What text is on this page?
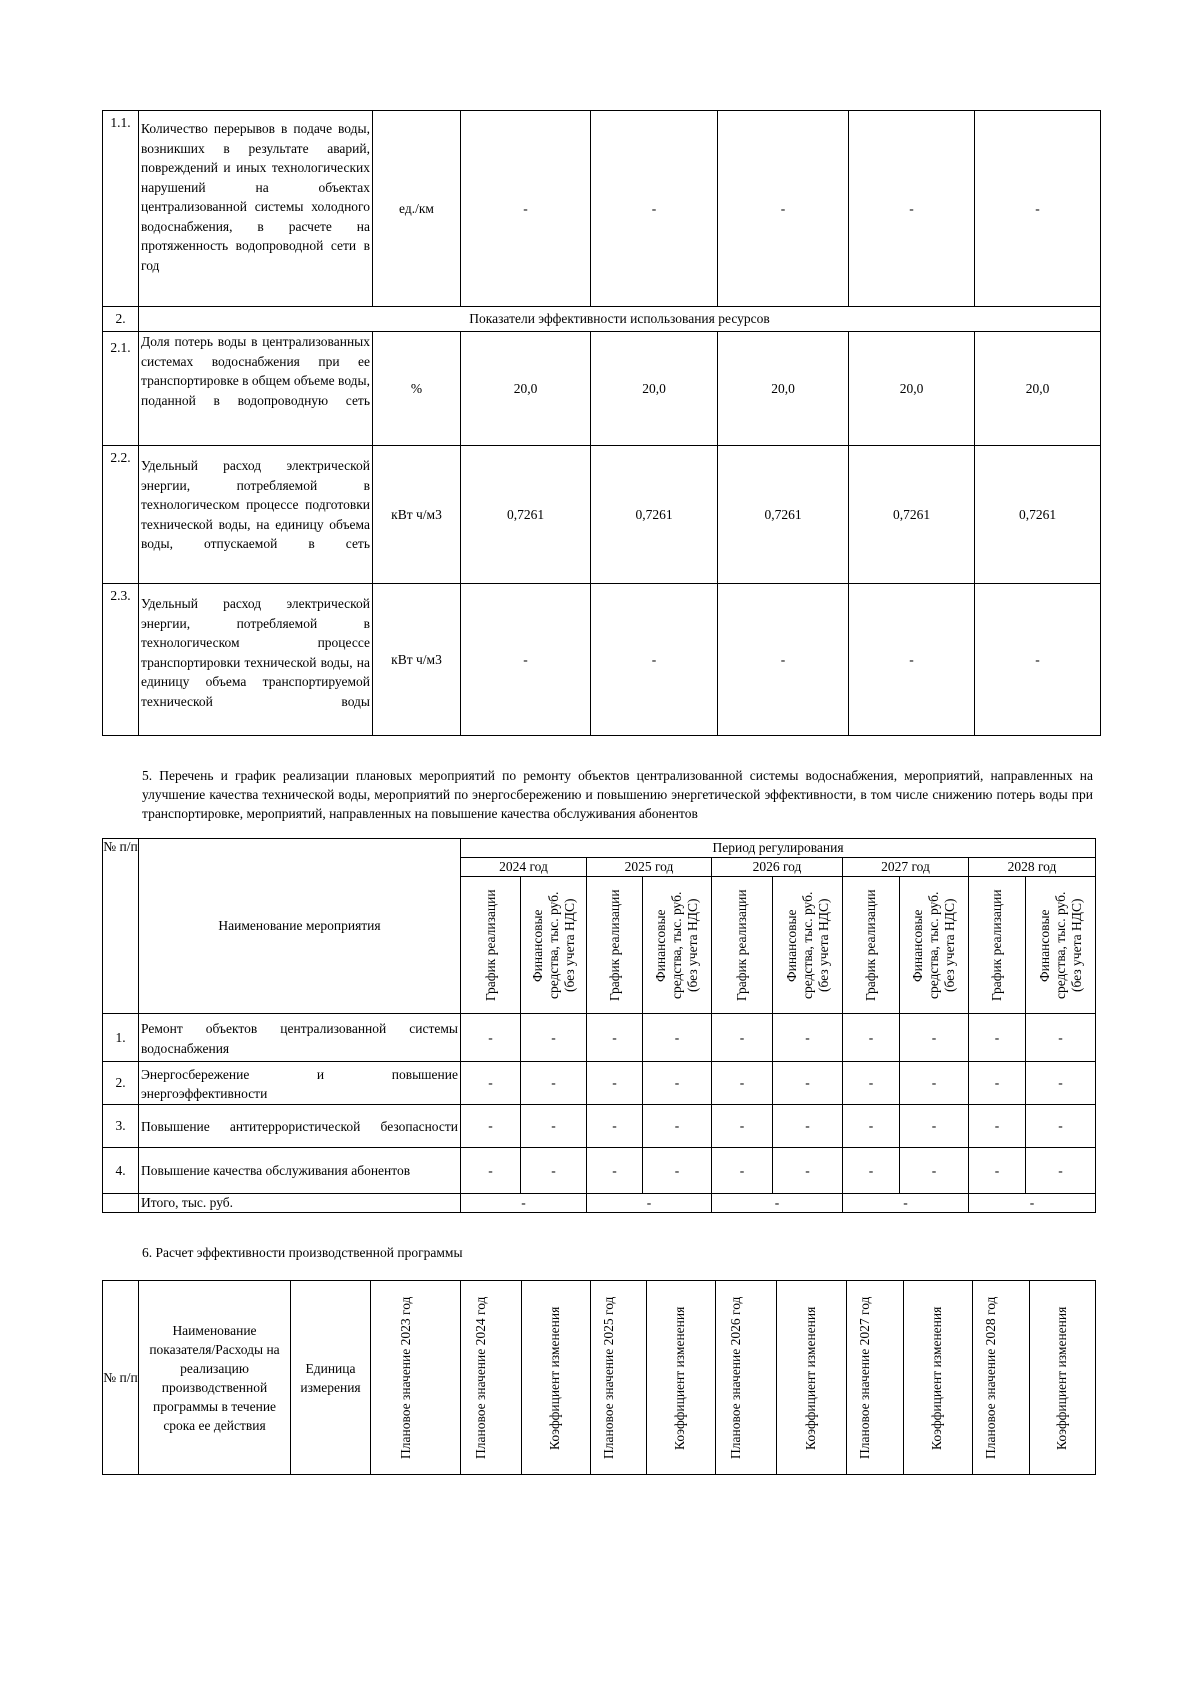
1.1.	Количество перерывов в подаче воды, возникших в результате аварий, повреждений и иных технологических нарушений на объектах централизованной системы холодного водоснабжения, в расчете на протяженность водопроводной сети в год	ед./км	-	-	-	-	-
2.	Показатели эффективности использования ресурсов						
2.1.	Доля потерь воды в централизованных системах водоснабжения при ее транспортировке в общем объеме воды, поданной в водопроводную сеть	%	20,0	20,0	20,0	20,0	20,0
2.2.	Удельный расход электрической энергии, потребляемой в технологическом процессе подготовки технической воды, на единицу объема воды, отпускаемой в сеть	кВт ч/м3	0,7261	0,7261	0,7261	0,7261	0,7261
2.3.	Удельный расход электрической энергии, потребляемой в технологическом процессе транспортировки технической воды, на единицу объема транспортируемой технической воды	кВт ч/м3	-	-	-	-	-
5. Перечень и график реализации плановых мероприятий по ремонту объектов централизованной системы водоснабжения, мероприятий, направленных на улучшение качества технической воды, мероприятий по энергосбережению и повышению энергетической эффективности, в том числе снижению потерь воды при транспортировке, мероприятий, направленных на повышение качества обслуживания абонентов
№ п/п	Наименование мероприятия	Период регулирования									
		2024 год		2025 год		2026 год		2027 год		2028 год	

		График реализации	Финансовые средства, тыс. руб. (без учета НДС)	График реализации	Финансовые средства, тыс. руб. (без учета НДС)	График реализации	Финансовые средства, тыс. руб. (без учета НДС)	График реализации	Финансовые средства, тыс. руб. (без учета НДС)	График реализации	Финансовые средства, тыс. руб. (без учета НДС)

1.	Ремонт объектов централизованной системы водоснабжения	-	-	-	-	-	-	-	-	-	-
2.	Энергосбережение и повышение энергоэффективности	-	-	-	-	-	-	-	-	-	-
3.	Повышение антитеррористической безопасности	-	-	-	-	-	-	-	-	-	-
4.	Повышение качества обслуживания абонентов	-	-	-	-	-	-	-	-	-	-
	Итого, тыс. руб.	-		-		-		-		-	
6. Расчет эффективности производственной программы
№ п/п	Наименование показателя/Расходы на реализацию производственной программы в течение срока ее действия	Единица измерения	Плановое значение 2023 год	Плановое значение 2024 год	Коэффициент изменения	Плановое значение 2025 год	Коэффициент изменения	Плановое значение 2026 год	Коэффициент изменения	Плановое значение 2027 год	Коэффициент изменения	Плановое значение 2028 год	Коэффициент изменения
